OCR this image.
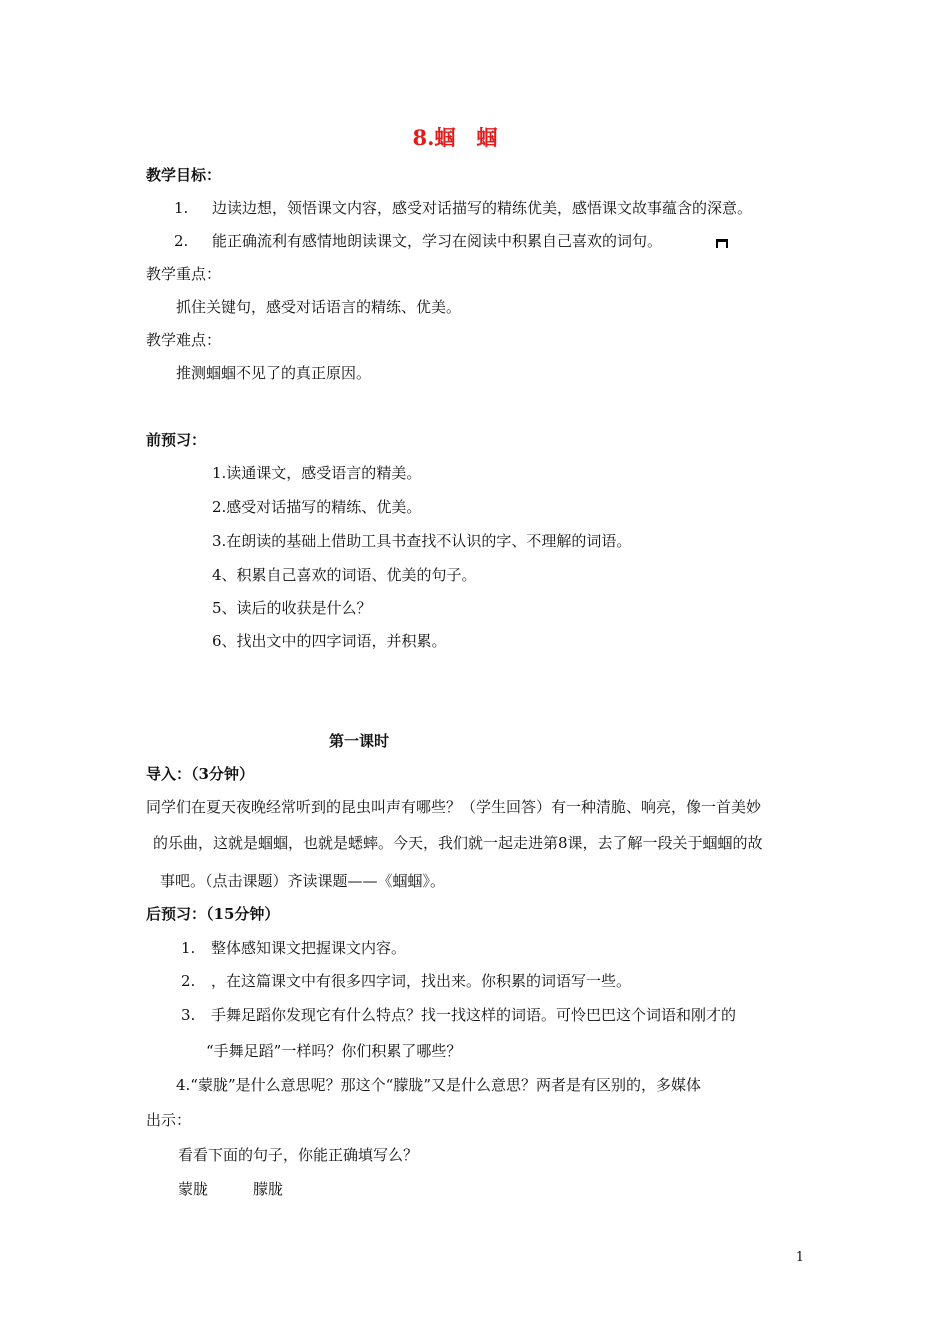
8.蝈　蝈
教学目标：
1. 边读边想，领悟课文内容，感受对话描写的精练优美，感悟课文故事蕴含的深意。
2. 能正确流利有感情地朗读课文，学习在阅读中积累自己喜欢的词句。
教学重点：
抓住关键句，感受对话语言的精练、优美。
教学难点：
推测蝈蝈不见了的真正原因。
前预习：
1.读通课文，感受语言的精美。
2.感受对话描写的精练、优美。
3.在朗读的基础上借助工具书查找不认识的字、不理解的词语。
4、积累自己喜欢的词语、优美的句子。
5、读后的收获是什么？
6、找出文中的四字词语，并积累。
第一课时
导入：（3分钟）
同学们在夏天夜晚经常听到的昆虫叫声有哪些？（学生回答）有一种清脆、响亮，像一首美妙
的乐曲，这就是蝈蝈，也就是蟋蟀。今天，我们就一起走进第8课，去了解一段关于蝈蝈的故
事吧。（点击课题）齐读课题——《蝈蝈》。
后预习：（15分钟）
1. 整体感知课文把握课文内容。
2. ，在这篇课文中有很多四字词，找出来。你积累的词语写一些。
3. 手舞足蹈你发现它有什么特点？找一找这样的词语。可怜巴巴这个词语和刚才的
“手舞足蹈”一样吗？你们积累了哪些？
4.“蒙胧”是什么意思呢？那这个“朦胧”又是什么意思？两者是有区别的，多媒体
出示：
看看下面的句子，你能正确填写么？
蒙胧	朦胧
1
